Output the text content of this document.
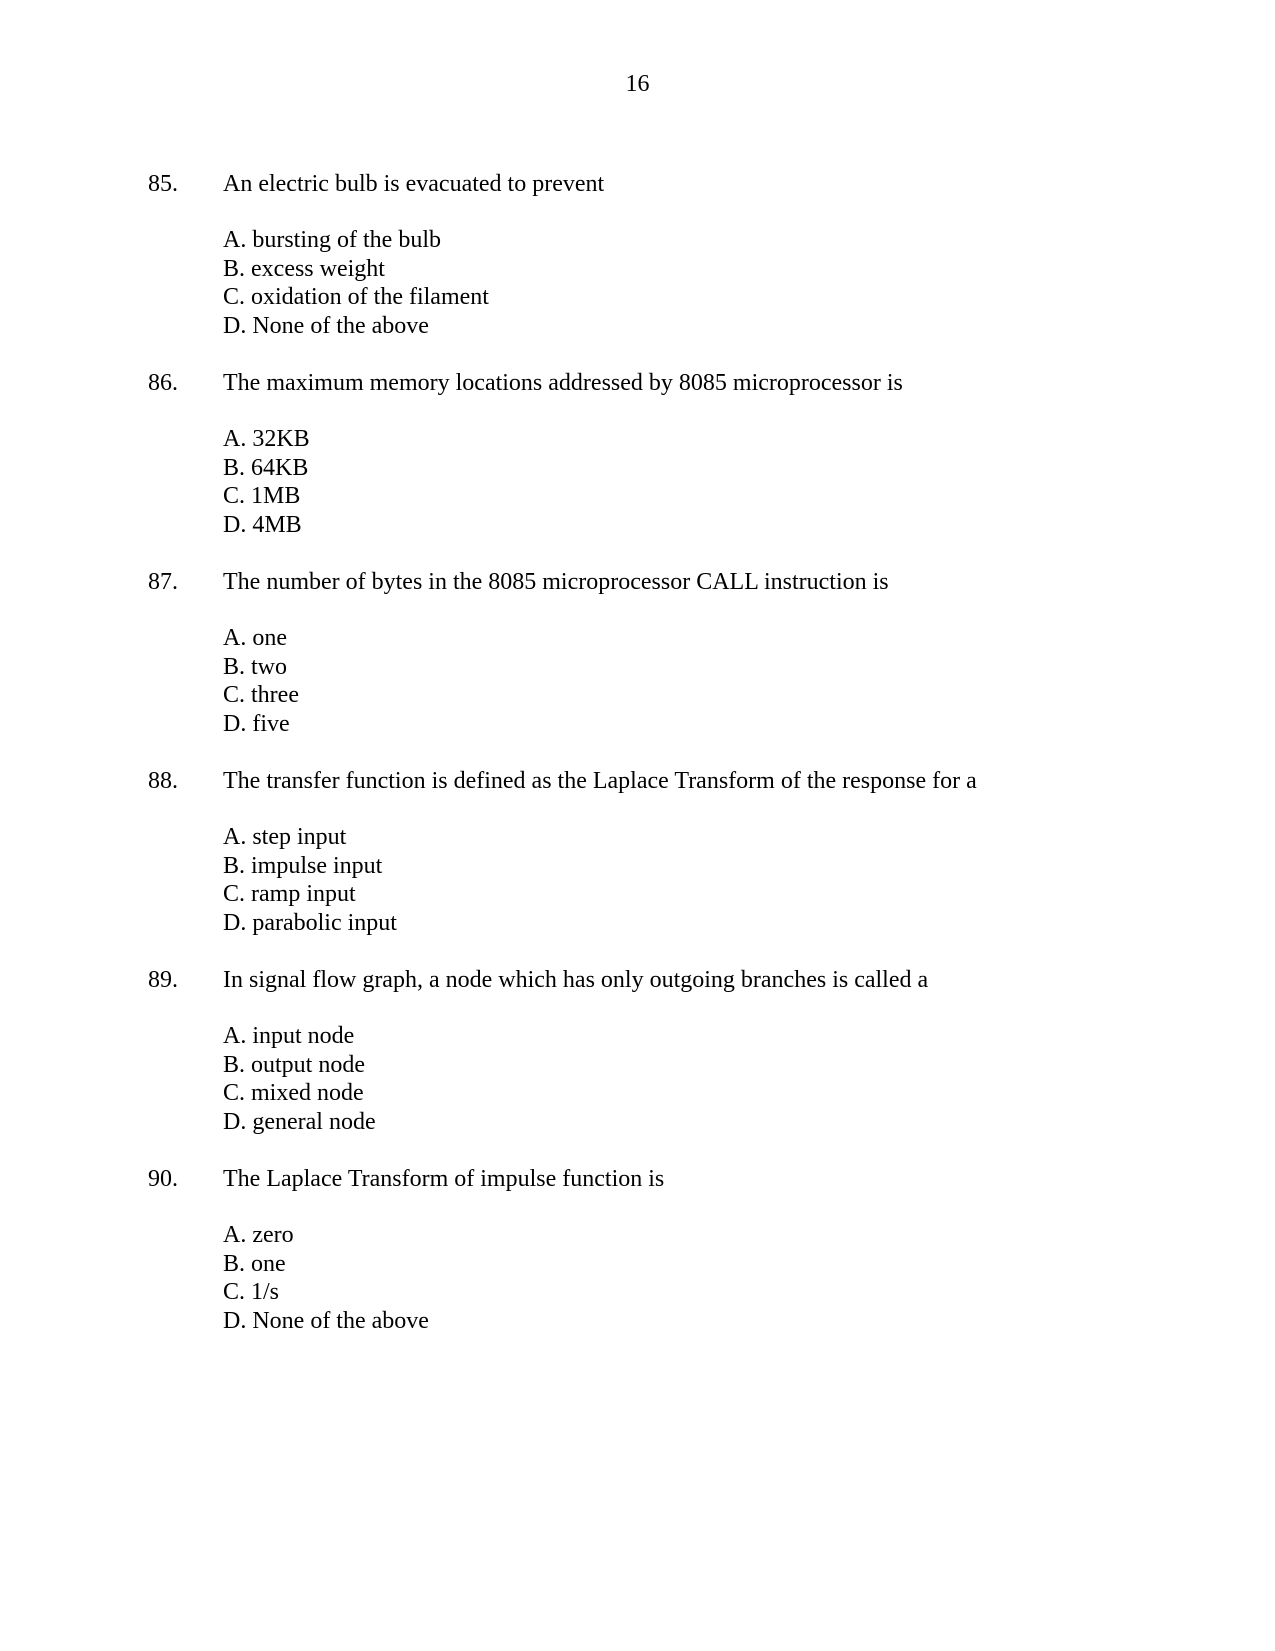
16
85. An electric bulb is evacuated to prevent
A. bursting of the bulb
B. excess weight
C. oxidation of the filament
D. None of the above
86. The maximum memory locations addressed by 8085 microprocessor is
A. 32KB
B. 64KB
C. 1MB
D. 4MB
87. The number of bytes in the 8085 microprocessor CALL instruction is
A. one
B. two
C. three
D. five
88. The transfer function is defined as the Laplace Transform of the response for a
A. step input
B. impulse input
C. ramp input
D. parabolic input
89. In signal flow graph, a node which has only outgoing branches is called a
A. input node
B. output node
C. mixed node
D. general node
90. The Laplace Transform of impulse function is
A. zero
B. one
C. 1/s
D. None of the above
